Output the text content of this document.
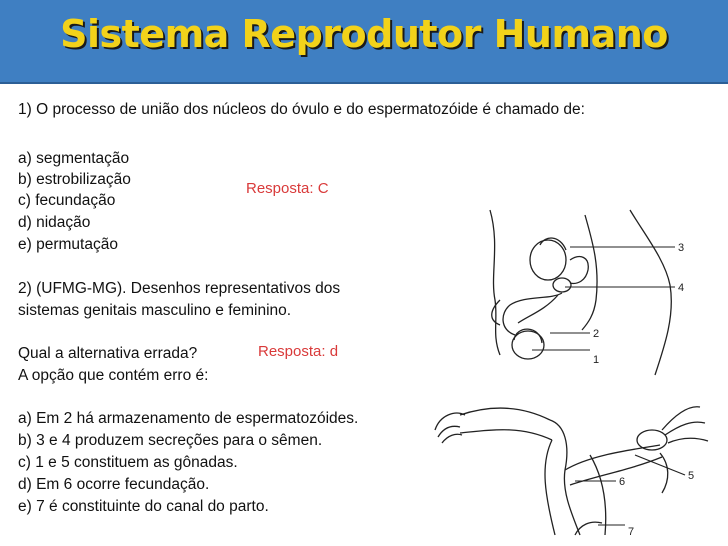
Sistema Reprodutor Humano
1) O processo de união dos núcleos do óvulo e do espermatozóide é chamado de:
a) segmentação
b) estrobilização
c) fecundação
d) nidação
e) permutação
Resposta: C
2) (UFMG-MG). Desenhos representativos dos
sistemas genitais masculino e feminino.
Qual a alternativa errada?
A opção que contém erro é:
Resposta: d
a) Em 2 há armazenamento de espermatozóides.
b) 3 e 4 produzem secreções para o sêmen.
c) 1 e 5 constituem as gônadas.
d) Em 6 ocorre fecundação.
e) 7 é constituinte do canal do parto.
3
4
2
1
5
6
7
